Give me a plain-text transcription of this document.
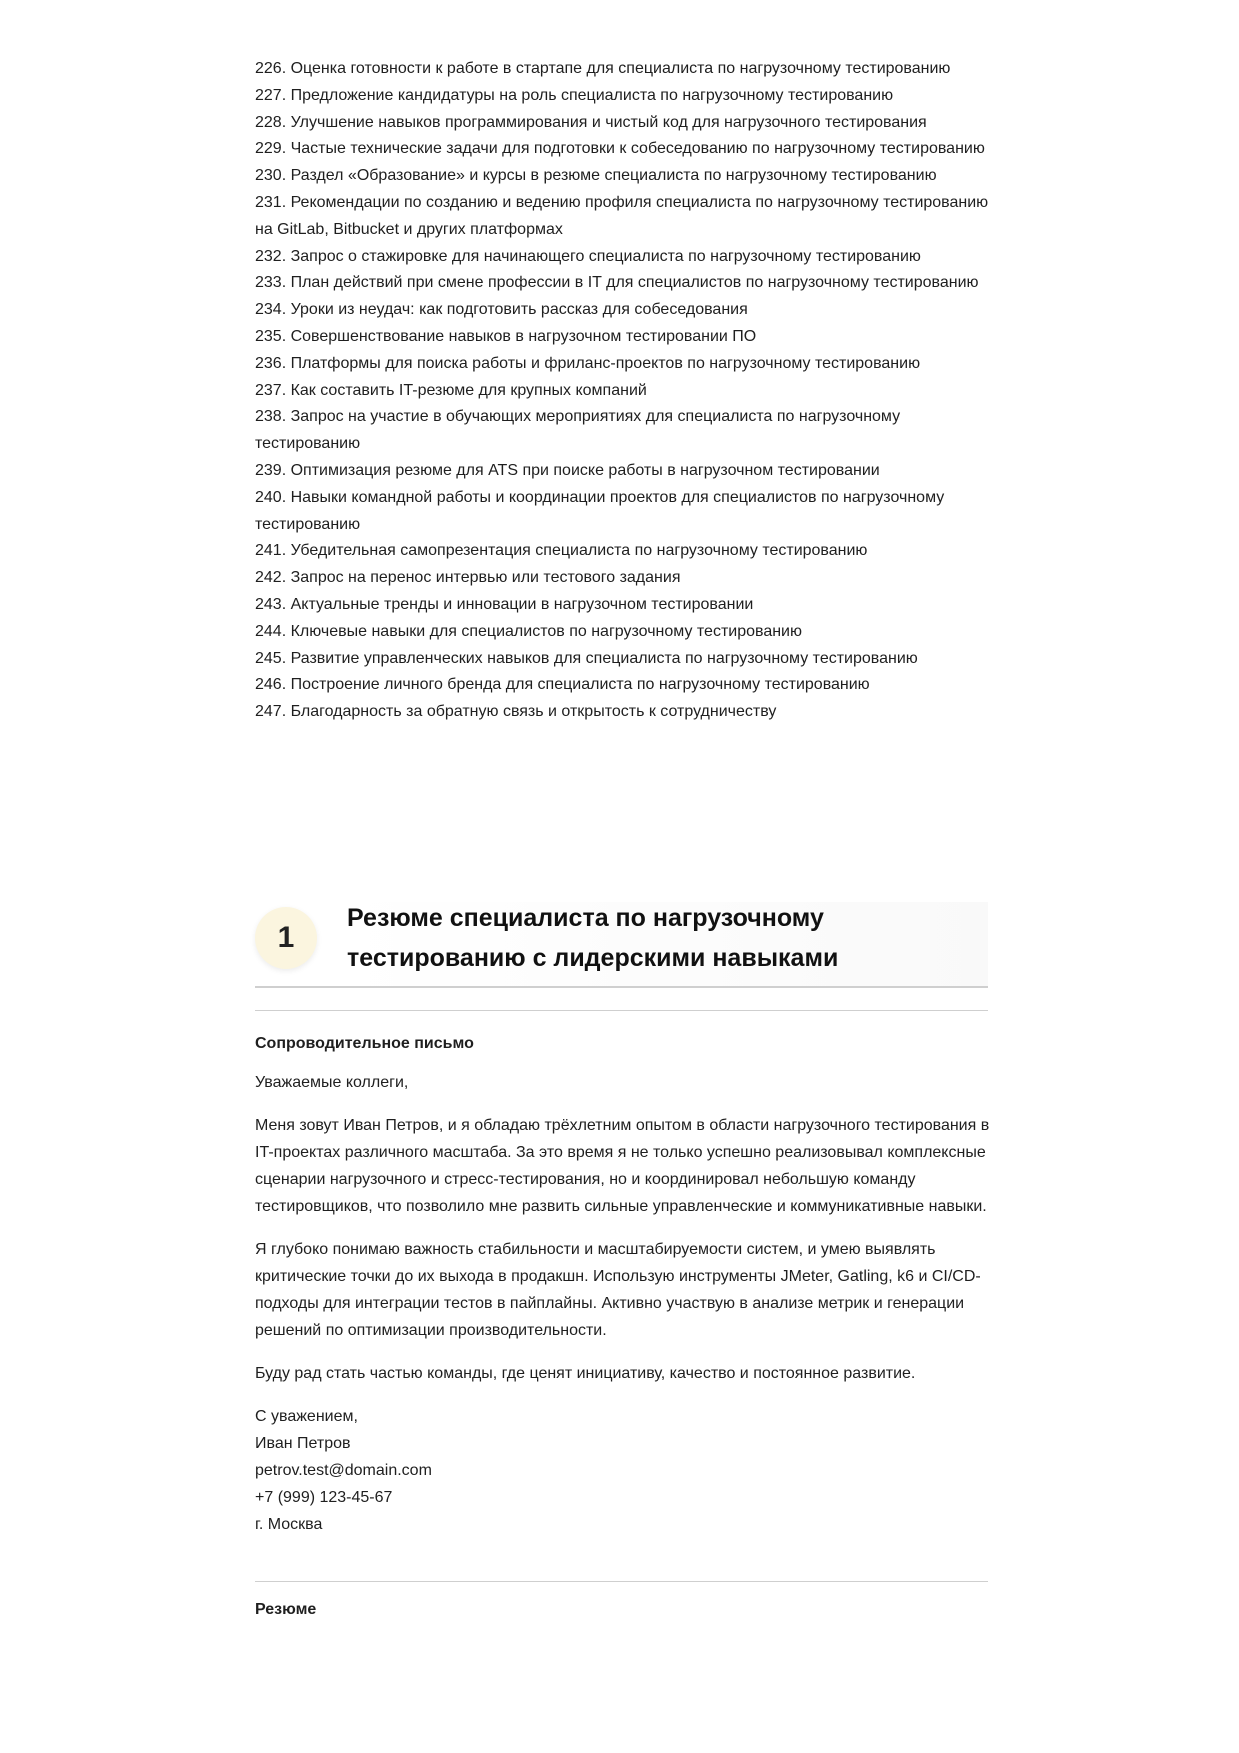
226. Оценка готовности к работе в стартапе для специалиста по нагрузочному тестированию
227. Предложение кандидатуры на роль специалиста по нагрузочному тестированию
228. Улучшение навыков программирования и чистый код для нагрузочного тестирования
229. Частые технические задачи для подготовки к собеседованию по нагрузочному тестированию
230. Раздел «Образование» и курсы в резюме специалиста по нагрузочному тестированию
231. Рекомендации по созданию и ведению профиля специалиста по нагрузочному тестированию на GitLab, Bitbucket и других платформах
232. Запрос о стажировке для начинающего специалиста по нагрузочному тестированию
233. План действий при смене профессии в IT для специалистов по нагрузочному тестированию
234. Уроки из неудач: как подготовить рассказ для собеседования
235. Совершенствование навыков в нагрузочном тестировании ПО
236. Платформы для поиска работы и фриланс-проектов по нагрузочному тестированию
237. Как составить IT-резюме для крупных компаний
238. Запрос на участие в обучающих мероприятиях для специалиста по нагрузочному тестированию
239. Оптимизация резюме для ATS при поиске работы в нагрузочном тестировании
240. Навыки командной работы и координации проектов для специалистов по нагрузочному тестированию
241. Убедительная самопрезентация специалиста по нагрузочному тестированию
242. Запрос на перенос интервью или тестового задания
243. Актуальные тренды и инновации в нагрузочном тестировании
244. Ключевые навыки для специалистов по нагрузочному тестированию
245. Развитие управленческих навыков для специалиста по нагрузочному тестированию
246. Построение личного бренда для специалиста по нагрузочному тестированию
247. Благодарность за обратную связь и открытость к сотрудничеству
1
Резюме специалиста по нагрузочному тестированию с лидерскими навыками
Сопроводительное письмо

Уважаемые коллеги,

Меня зовут Иван Петров, и я обладаю трёхлетним опытом в области нагрузочного тестирования в IT-проектах различного масштаба. За это время я не только успешно реализовывал комплексные сценарии нагрузочного и стресс-тестирования, но и координировал небольшую команду тестировщиков, что позволило мне развить сильные управленческие и коммуникативные навыки.

Я глубоко понимаю важность стабильности и масштабируемости систем, и умею выявлять критические точки до их выхода в продакшн. Использую инструменты JMeter, Gatling, k6 и CI/CD-подходы для интеграции тестов в пайплайны. Активно участвую в анализе метрик и генерации решений по оптимизации производительности.

Буду рад стать частью команды, где ценят инициативу, качество и постоянное развитие.

С уважением,
Иван Петров
petrov.test@domain.com
+7 (999) 123-45-67
г. Москва
Резюме
